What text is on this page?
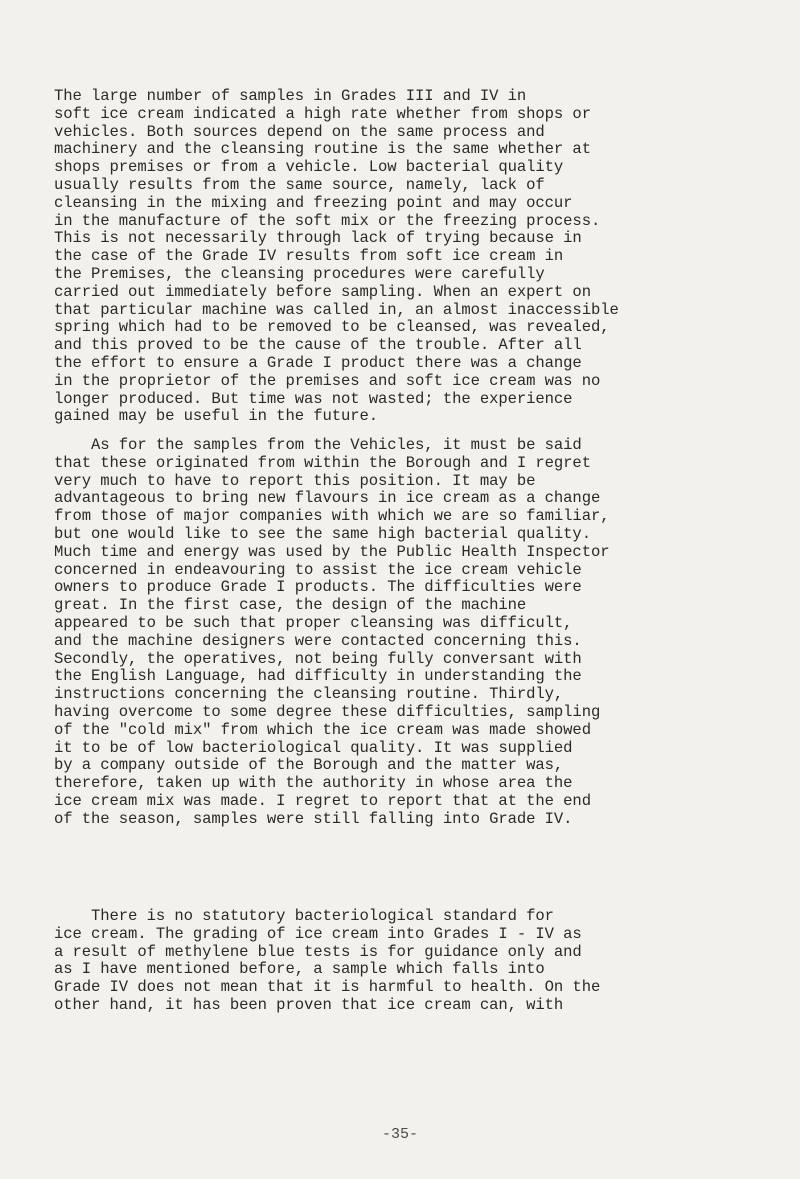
The large number of samples in Grades III and IV in
soft ice cream indicated a high rate whether from shops or
vehicles. Both sources depend on the same process and
machinery and the cleansing routine is the same whether at
shops premises or from a vehicle. Low bacterial quality
usually results from the same source, namely, lack of
cleansing in the mixing and freezing point and may occur
in the manufacture of the soft mix or the freezing process.
This is not necessarily through lack of trying because in
the case of the Grade IV results from soft ice cream in
the Premises, the cleansing procedures were carefully
carried out immediately before sampling. When an expert on
that particular machine was called in, an almost inaccessible
spring which had to be removed to be cleansed, was revealed,
and this proved to be the cause of the trouble. After all
the effort to ensure a Grade I product there was a change
in the proprietor of the premises and soft ice cream was no
longer produced. But time was not wasted; the experience
gained may be useful in the future.

As for the samples from the Vehicles, it must be said
that these originated from within the Borough and I regret
very much to have to report this position. It may be
advantageous to bring new flavours in ice cream as a change
from those of major companies with which we are so familiar,
but one would like to see the same high bacterial quality.
Much time and energy was used by the Public Health Inspector
concerned in endeavouring to assist the ice cream vehicle
owners to produce Grade I products. The difficulties were
great. In the first case, the design of the machine
appeared to be such that proper cleansing was difficult,
and the machine designers were contacted concerning this.
Secondly, the operatives, not being fully conversant with
the English Language, had difficulty in understanding the
instructions concerning the cleansing routine. Thirdly,
having overcome to some degree these difficulties, sampling
of the "cold mix" from which the ice cream was made showed
it to be of low bacteriological quality. It was supplied
by a company outside of the Borough and the matter was,
therefore, taken up with the authority in whose area the
ice cream mix was made. I regret to report that at the end
of the season, samples were still falling into Grade IV.

There is no statutory bacteriological standard for
ice cream. The grading of ice cream into Grades I - IV as
a result of methylene blue tests is for guidance only and
as I have mentioned before, a sample which falls into
Grade IV does not mean that it is harmful to health. On the
other hand, it has been proven that ice cream can, with

-35-
